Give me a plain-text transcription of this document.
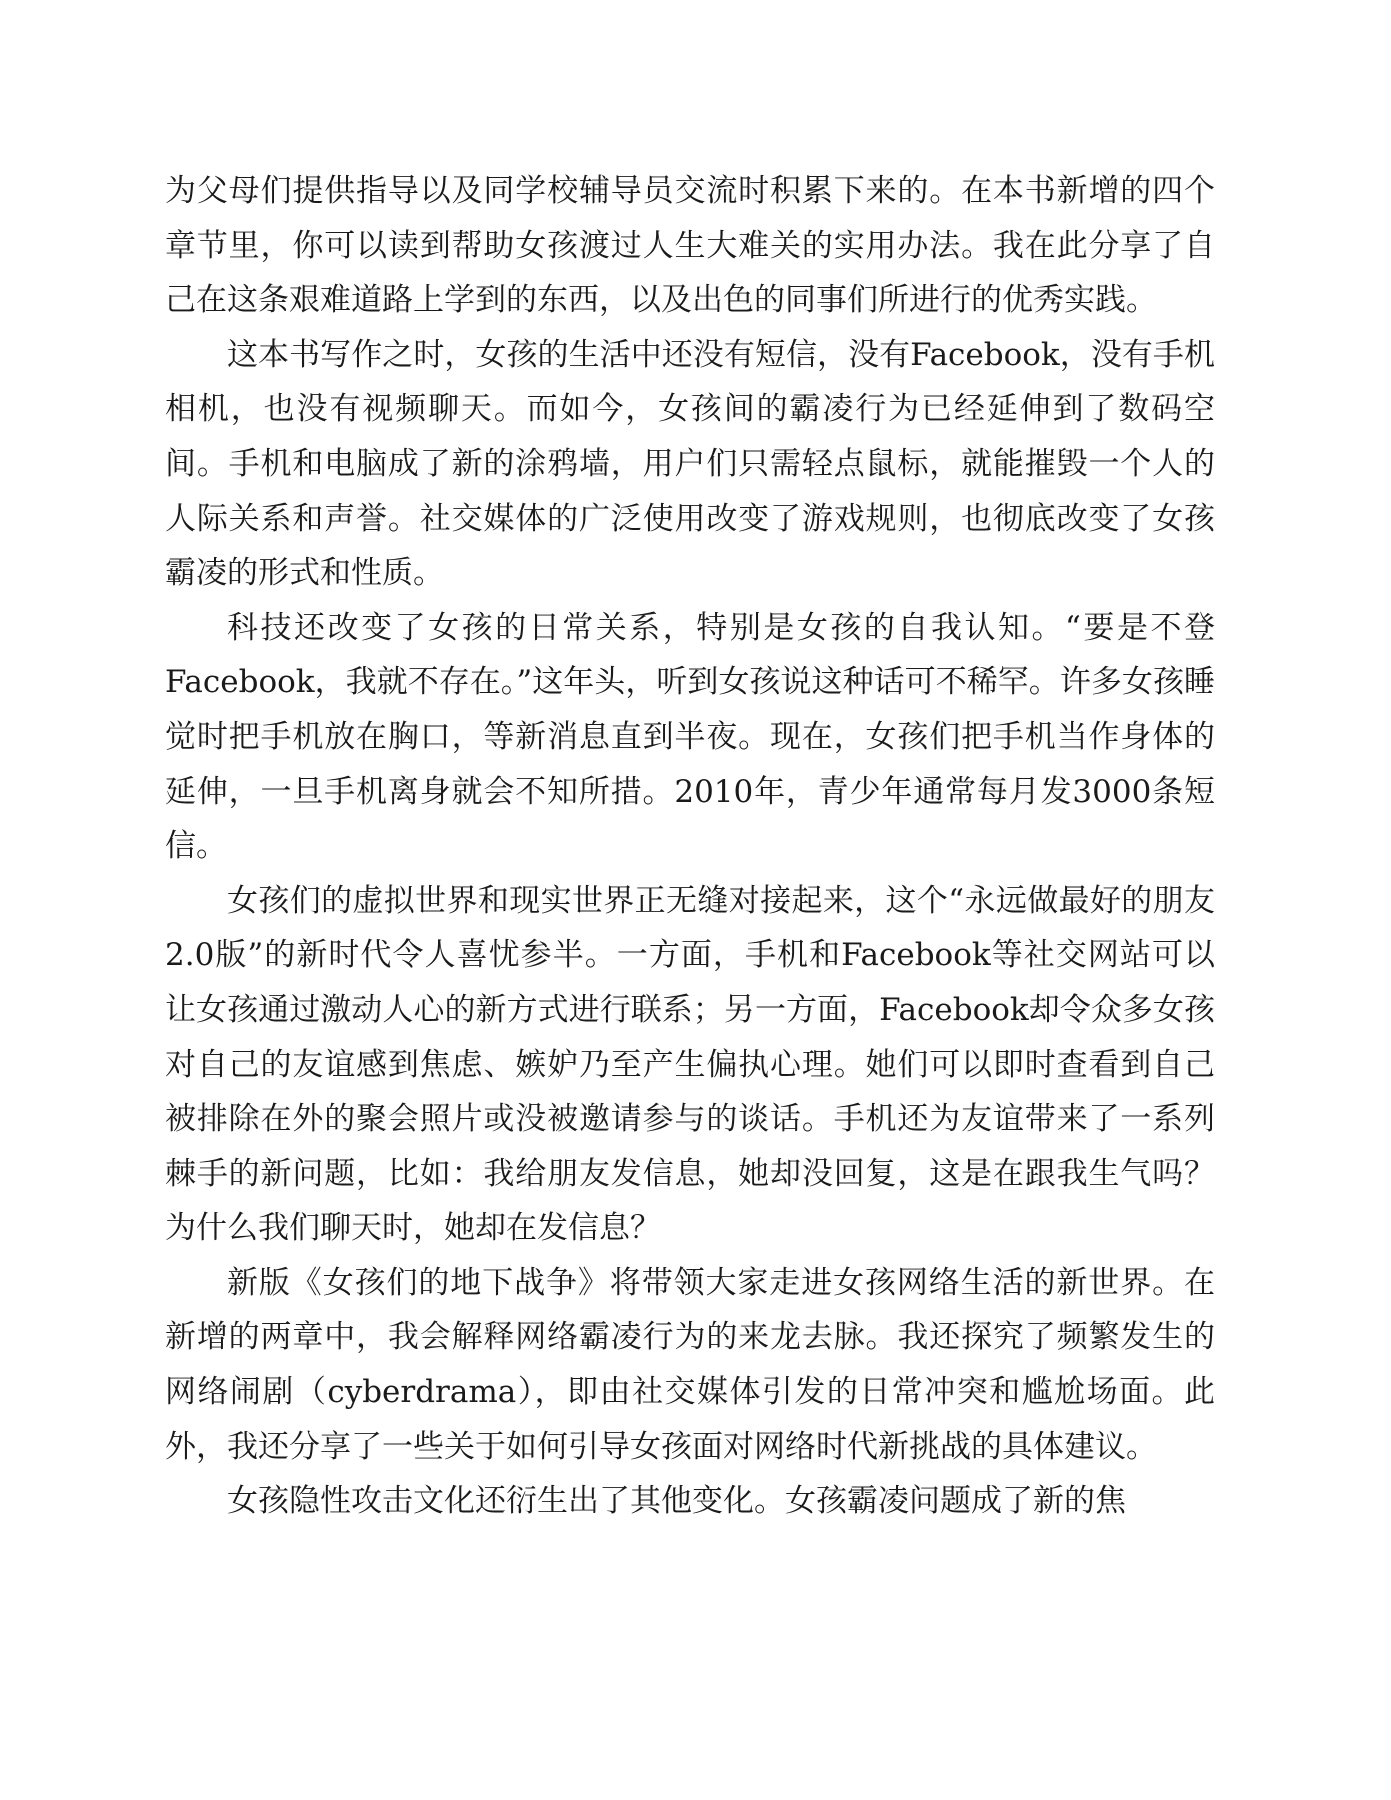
为父母们提供指导以及同学校辅导员交流时积累下来的。在本书新增的四个章节里，你可以读到帮助女孩渡过人生大难关的实用办法。我在此分享了自己在这条艰难道路上学到的东西，以及出色的同事们所进行的优秀实践。

这本书写作之时，女孩的生活中还没有短信，没有Facebook，没有手机相机，也没有视频聊天。而如今，女孩间的霸凌行为已经延伸到了数码空间。手机和电脑成了新的涂鸦墙，用户们只需轻点鼠标，就能摧毁一个人的人际关系和声誉。社交媒体的广泛使用改变了游戏规则，也彻底改变了女孩霸凌的形式和性质。

科技还改变了女孩的日常关系，特别是女孩的自我认知。“要是不登Facebook，我就不存在。”这年头，听到女孩说这种话可不稀罕。许多女孩睡觉时把手机放在胸口，等新消息直到半夜。现在，女孩们把手机当作身体的延伸，一旦手机离身就会不知所措。2010年，青少年通常每月发3000条短信。

女孩们的虚拟世界和现实世界正无缝对接起来，这个“永远做最好的朋友2.0版”的新时代令人喜忧参半。一方面，手机和Facebook等社交网站可以让女孩通过激动人心的新方式进行联系；另一方面，Facebook却令众多女孩对自己的友谊感到焦虑、嫉妒乃至产生偏执心理。她们可以即时查看到自己被排除在外的聚会照片或没被邀请参与的谈话。手机还为友谊带来了一系列棘手的新问题，比如：我给朋友发信息，她却没回复，这是在跟我生气吗？为什么我们聊天时，她却在发信息？

新版《女孩们的地下战争》将带领大家走进女孩网络生活的新世界。在新增的两章中，我会解释网络霸凌行为的来龙去脉。我还探究了频繁发生的网络闹剧（cyberdrama），即由社交媒体引发的日常冲突和尴尬场面。此外，我还分享了一些关于如何引导女孩面对网络时代新挑战的具体建议。

女孩隐性攻击文化还衍生出了其他变化。女孩霸凌问题成了新的焦
